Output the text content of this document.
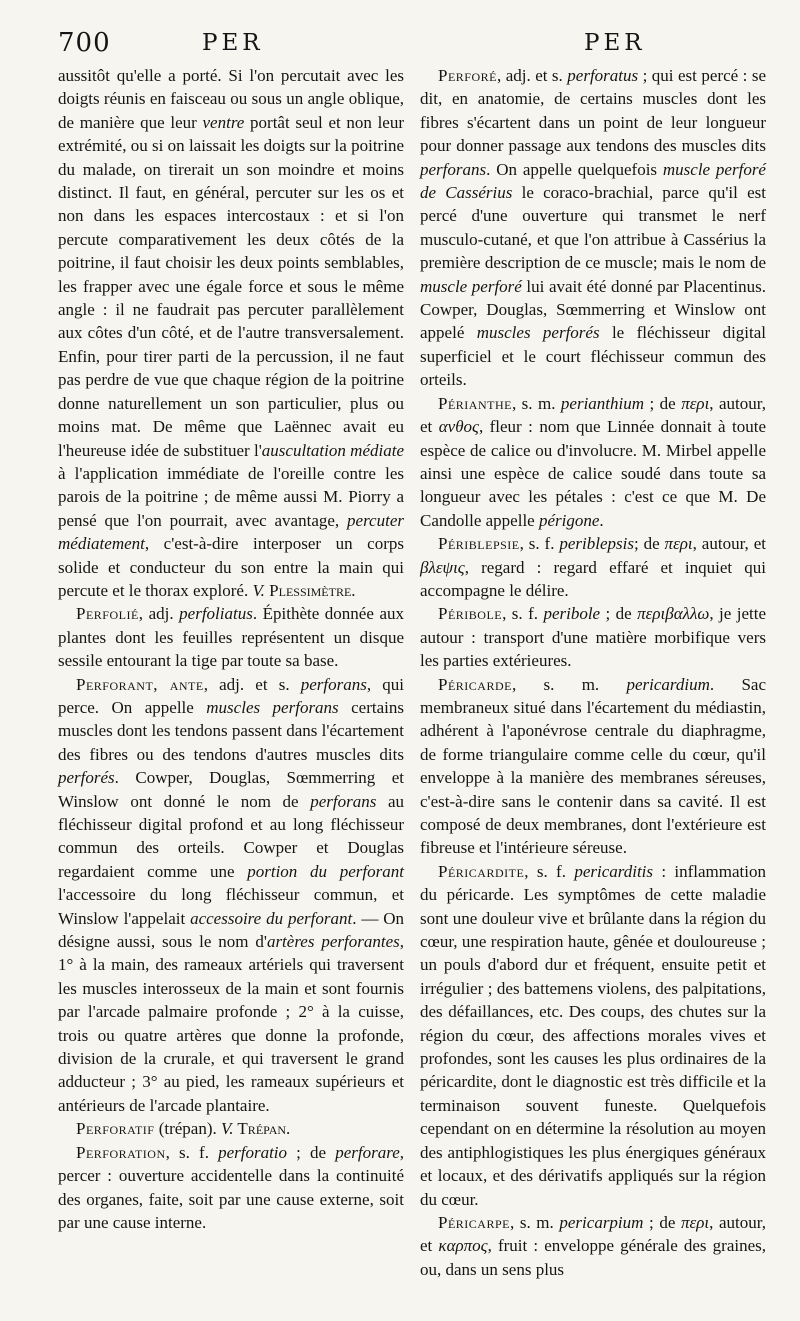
700	PER	PER

aussitôt qu'elle a porté. Si l'on percutait avec les doigts réunis en faisceau ou sous un angle oblique, de manière que leur ventre portât seul et non leur extrémité, ou si on laissait les doigts sur la poitrine du malade, on tirerait un son moindre et moins distinct. Il faut, en général, percuter sur les os et non dans les espaces intercostaux : et si l'on percute comparativement les deux côtés de la poitrine, il faut choisir les deux points semblables, les frapper avec une égale force et sous le même angle : il ne faudrait pas percuter parallèlement aux côtes d'un côté, et de l'autre transversalement. Enfin, pour tirer parti de la percussion, il ne faut pas perdre de vue que chaque région de la poitrine donne naturellement un son particulier, plus ou moins mat. De même que Laënnec avait eu l'heureuse idée de substituer l'auscultation médiate à l'application immédiate de l'oreille contre les parois de la poitrine ; de même aussi M. Piorry a pensé que l'on pourrait, avec avantage, percuter médiatement, c'est-à-dire interposer un corps solide et conducteur du son entre la main qui percute et le thorax exploré. V. Plessimètre.

Perfolié, adj. perfoliatus. Épithète donnée aux plantes dont les feuilles représentent un disque sessile entourant la tige par toute sa base.

Perforant, ante, adj. et s. perforans, qui perce. On appelle muscles perforans certains muscles dont les tendons passent dans l'écartement des fibres ou des tendons d'autres muscles dits perforés. Cowper, Douglas, Sœmmerring et Winslow ont donné le nom de perforans au fléchisseur digital profond et au long fléchisseur commun des orteils. Cowper et Douglas regardaient comme une portion du perforant l'accessoire du long fléchisseur commun, et Winslow l'appelait accessoire du perforant. — On désigne aussi, sous le nom d'artères perforantes, 1° à la main, des rameaux artériels qui traversent les muscles interosseux de la main et sont fournis par l'arcade palmaire profonde ; 2° à la cuisse, trois ou quatre artères que donne la profonde, division de la crurale, et qui traversent le grand adducteur ; 3° au pied, les rameaux supérieurs et antérieurs de l'arcade plantaire.

Perforatif (trépan). V. Trépan.

Perforation, s. f. perforatio ; de perforare, percer : ouverture accidentelle dans la continuité des organes, faite, soit par une cause externe, soit par une cause interne.

Perforé, adj. et s. perforatus ; qui est percé : se dit, en anatomie, de certains muscles dont les fibres s'écartent dans un point de leur longueur pour donner passage aux tendons des muscles dits perforans. On appelle quelquefois muscle perforé de Cassérius le coraco-brachial, parce qu'il est percé d'une ouverture qui transmet le nerf musculo-cutané, et que l'on attribue à Cassérius la première description de ce muscle; mais le nom de muscle perforé lui avait été donné par Placentinus. Cowper, Douglas, Sœmmerring et Winslow ont appelé muscles perforés le fléchisseur digital superficiel et le court fléchisseur commun des orteils.

Périanthe, s. m. perianthium ; de περι, autour, et ανθος, fleur : nom que Linnée donnait à toute espèce de calice ou d'involucre. M. Mirbel appelle ainsi une espèce de calice soudé dans toute sa longueur avec les pétales : c'est ce que M. De Candolle appelle périgone.

Périblepsie, s. f. periblepsis; de περι, autour, et βλεψις, regard : regard effaré et inquiet qui accompagne le délire.

Péribole, s. f. peribole ; de περιβαλλω, je jette autour : transport d'une matière morbifique vers les parties extérieures.

Péricarde, s. m. pericardium. Sac membraneux situé dans l'écartement du médiastin, adhérent à l'aponévrose centrale du diaphragme, de forme triangulaire comme celle du cœur, qu'il enveloppe à la manière des membranes séreuses, c'est-à-dire sans le contenir dans sa cavité. Il est composé de deux membranes, dont l'extérieure est fibreuse et l'intérieure séreuse.

Péricardite, s. f. pericarditis : inflammation du péricarde. Les symptômes de cette maladie sont une douleur vive et brûlante dans la région du cœur, une respiration haute, gênée et douloureuse ; un pouls d'abord dur et fréquent, ensuite petit et irrégulier ; des battemens violens, des palpitations, des défaillances, etc. Des coups, des chutes sur la région du cœur, des affections morales vives et profondes, sont les causes les plus ordinaires de la péricardite, dont le diagnostic est très difficile et la terminaison souvent funeste. Quelquefois cependant on en détermine la résolution au moyen des antiphlogistiques les plus énergiques généraux et locaux, et des dérivatifs appliqués sur la région du cœur.

Péricarpe, s. m. pericarpium ; de περι, autour, et καρπος, fruit : enveloppe générale des graines, ou, dans un sens plus
